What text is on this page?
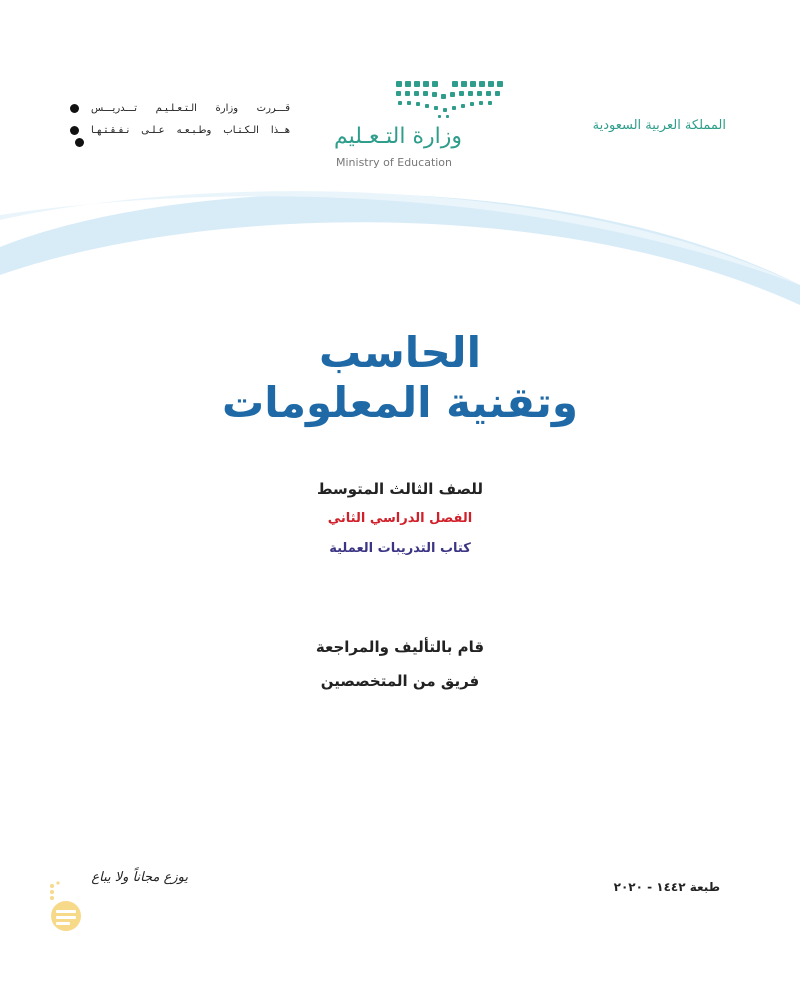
قـــررت وزارة الـتـعـلـيـم تـــدريـــس
هــذا الـكـتـاب وطـبـعـه عـلـى نـفـقـتـهـا وزارة التـعـليم
Ministry of Education
المملكة العربية السعودية
الحاسب
وتقنية المعلومات
للصف الثالث المتوسط
الفصل الدراسي الثاني
كتاب التدريبات العملية
قام بالتأليف والمراجعة
فريق من المتخصصين
طبعة ١٤٤٢ - ٢٠٢٠
يوزع مجاناً ولا يباع
